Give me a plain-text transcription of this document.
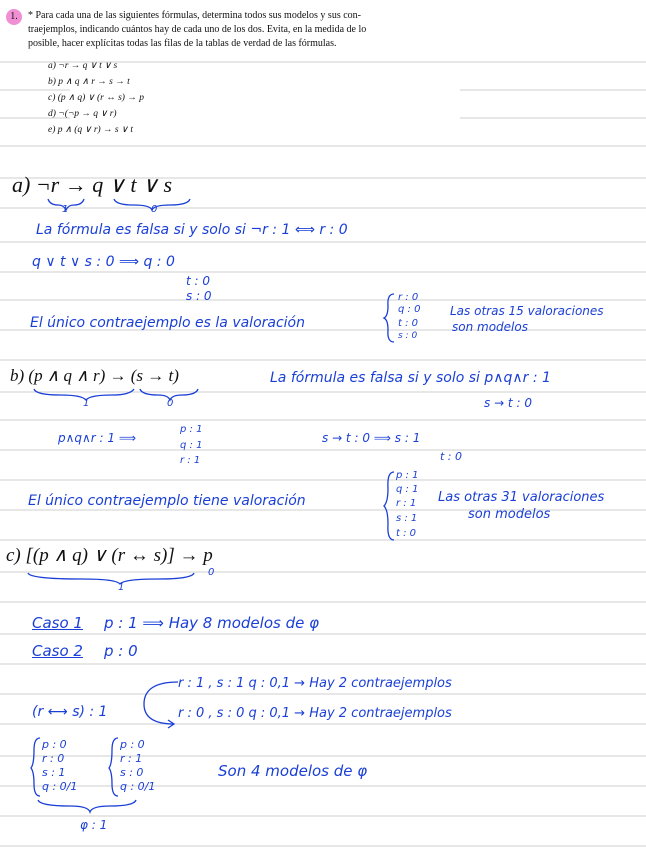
1.	* Para cada una de las siguientes fórmulas, determina todos sus modelos y sus con-
traejemplos, indicando cuántos hay de cada uno de los dos. Evita, en la medida de lo
posible, hacer explícitas todas las filas de la tablas de verdad de las fórmulas.
a) ¬r → q ∨ t ∨ s
b) p ∧ q ∧ r → s → t
c) (p ∧ q) ∨ (r ↔ s) → p
d) ¬(¬p → q ∨ r)
e) p ∧ (q ∨ r) → s ∨ t
a) ¬r → q ∨ t ∨ s
1	0
La fórmula es falsa si y solo si ¬r : 1 ⟺ r : 0
q ∨ t ∨ s : 0 ⟹ q : 0
t : 0
s : 0
El único contraejemplo es la valoración
r : 0
q : 0
t : 0
s : 0
Las otras 15 valoraciones
son modelos
b) (p ∧ q ∧ r) → (s → t)
1	0
La fórmula es falsa si y solo si p∧q∧r : 1
s → t : 0
p∧q∧r : 1 ⟹
p : 1
q : 1
r : 1
s → t : 0 ⟹ s : 1
t : 0
El único contraejemplo tiene valoración
p : 1
q : 1
r : 1
s : 1
t : 0
Las otras 31 valoraciones
son modelos
c) [(p ∧ q) ∨ (r ↔ s)] → p
1
0
Caso 1 p : 1 ⟹ Hay 8 modelos de φ
Caso 2 p : 0
(r ⟷ s) : 1
r : 1 , s : 1 q : 0,1 → Hay 2 contraejemplos
r : 0 , s : 0 q : 0,1 → Hay 2 contraejemplos
p : 0
r : 0
s : 1
q : 0/1
p : 0
r : 1
s : 0
q : 0/1
Son 4 modelos de φ
φ : 1
